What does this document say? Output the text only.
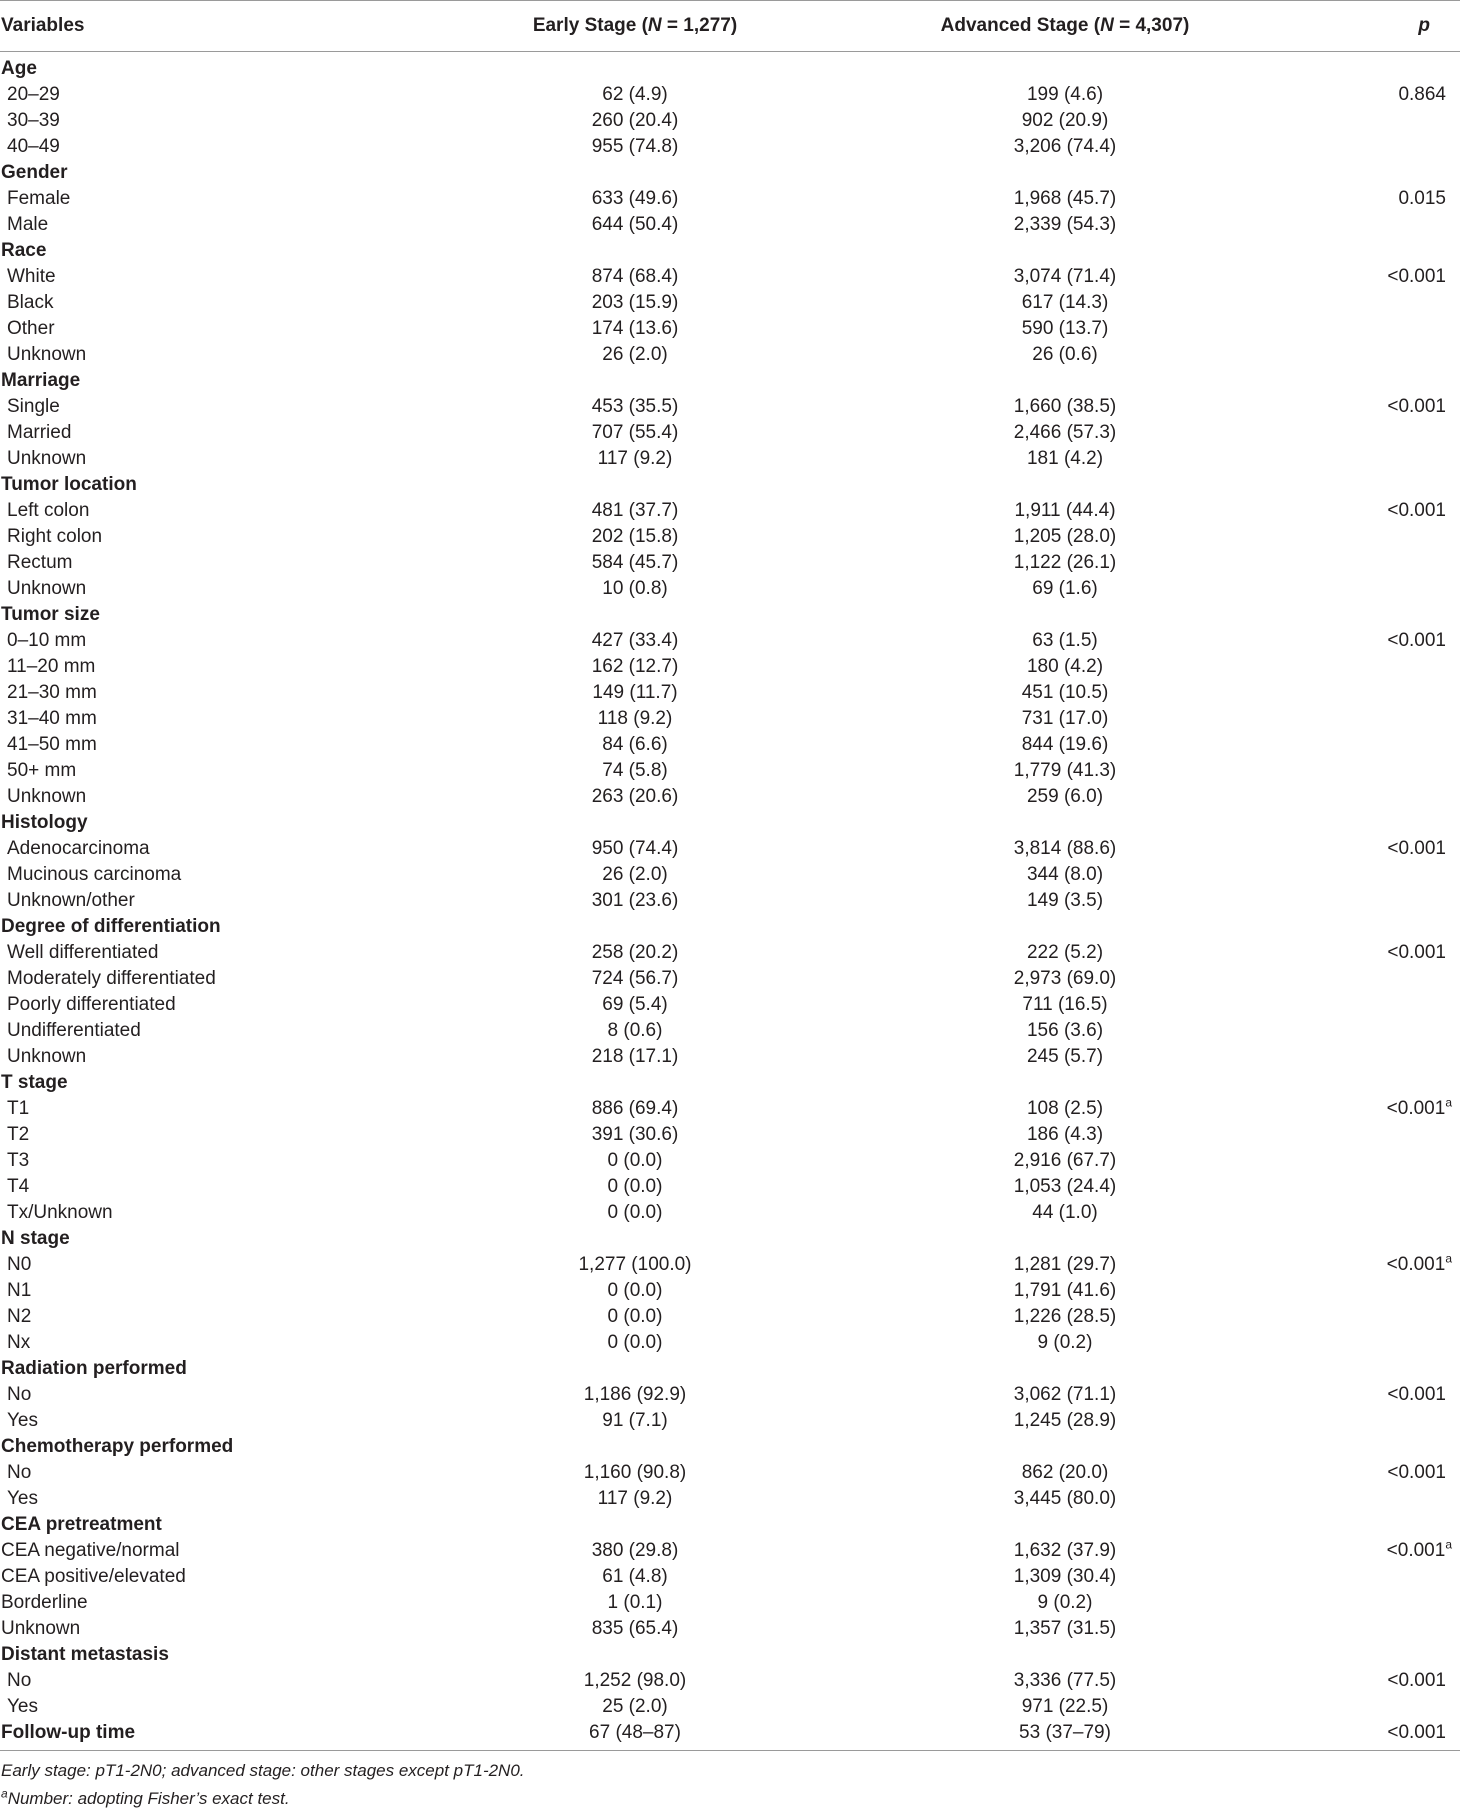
Variables	Early Stage (N = 1,277)	Advanced Stage (N = 4,307)	p
Age			
20–29	62 (4.9)	199 (4.6)	0.864
30–39	260 (20.4)	902 (20.9)	
40–49	955 (74.8)	3,206 (74.4)	
Gender			
Female	633 (49.6)	1,968 (45.7)	0.015
Male	644 (50.4)	2,339 (54.3)	
Race			
White	874 (68.4)	3,074 (71.4)	<0.001
Black	203 (15.9)	617 (14.3)	
Other	174 (13.6)	590 (13.7)	
Unknown	26 (2.0)	26 (0.6)	
Marriage			
Single	453 (35.5)	1,660 (38.5)	<0.001
Married	707 (55.4)	2,466 (57.3)	
Unknown	117 (9.2)	181 (4.2)	
Tumor location			
Left colon	481 (37.7)	1,911 (44.4)	<0.001
Right colon	202 (15.8)	1,205 (28.0)	
Rectum	584 (45.7)	1,122 (26.1)	
Unknown	10 (0.8)	69 (1.6)	
Tumor size			
0–10 mm	427 (33.4)	63 (1.5)	<0.001
11–20 mm	162 (12.7)	180 (4.2)	
21–30 mm	149 (11.7)	451 (10.5)	
31–40 mm	118 (9.2)	731 (17.0)	
41–50 mm	84 (6.6)	844 (19.6)	
50+ mm	74 (5.8)	1,779 (41.3)	
Unknown	263 (20.6)	259 (6.0)	
Histology			
Adenocarcinoma	950 (74.4)	3,814 (88.6)	<0.001
Mucinous carcinoma	26 (2.0)	344 (8.0)	
Unknown/other	301 (23.6)	149 (3.5)	
Degree of differentiation			
Well differentiated	258 (20.2)	222 (5.2)	<0.001
Moderately differentiated	724 (56.7)	2,973 (69.0)	
Poorly differentiated	69 (5.4)	711 (16.5)	
Undifferentiated	8 (0.6)	156 (3.6)	
Unknown	218 (17.1)	245 (5.7)	
T stage			
T1	886 (69.4)	108 (2.5)	<0.001$^a$
T2	391 (30.6)	186 (4.3)	
T3	0 (0.0)	2,916 (67.7)	
T4	0 (0.0)	1,053 (24.4)	
Tx/Unknown	0 (0.0)	44 (1.0)	
N stage			
N0	1,277 (100.0)	1,281 (29.7)	<0.001$^a$
N1	0 (0.0)	1,791 (41.6)	
N2	0 (0.0)	1,226 (28.5)	
Nx	0 (0.0)	9 (0.2)	
Radiation performed			
No	1,186 (92.9)	3,062 (71.1)	<0.001
Yes	91 (7.1)	1,245 (28.9)	
Chemotherapy performed			
No	1,160 (90.8)	862 (20.0)	<0.001
Yes	117 (9.2)	3,445 (80.0)	
CEA pretreatment			
CEA negative/normal	380 (29.8)	1,632 (37.9)	<0.001$^a$
CEA positive/elevated	61 (4.8)	1,309 (30.4)	
Borderline	1 (0.1)	9 (0.2)	
Unknown	835 (65.4)	1,357 (31.5)	
Distant metastasis			
No	1,252 (98.0)	3,336 (77.5)	<0.001
Yes	25 (2.0)	971 (22.5)	
Follow-up time	67 (48–87)	53 (37–79)	<0.001
Early stage: pT1-2N0; advanced stage: other stages except pT1-2N0.
$^a$Number: adopting Fisher’s exact test.
